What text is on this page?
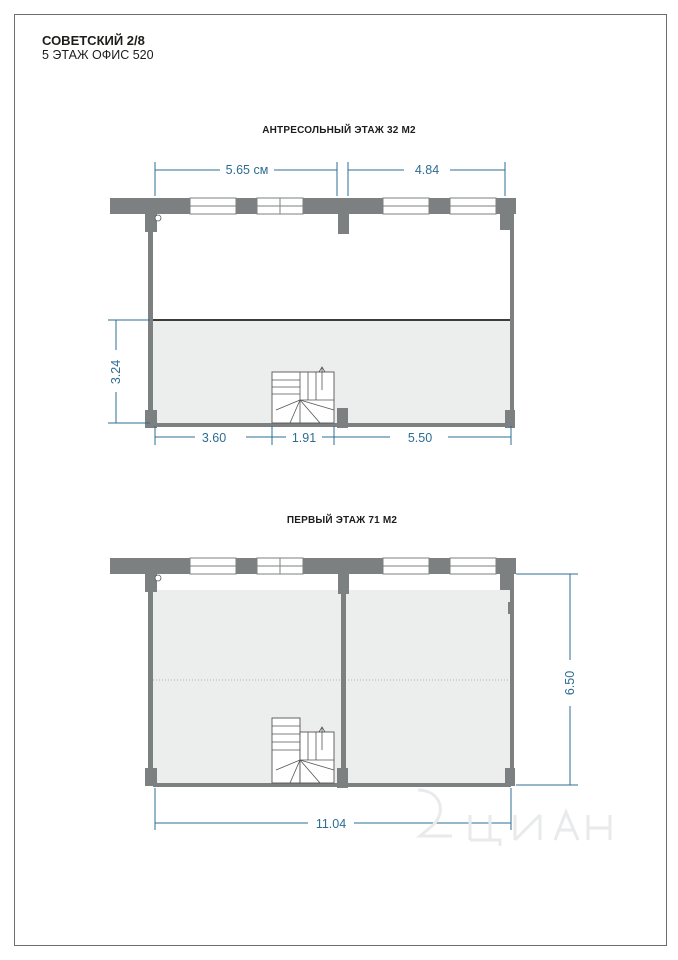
СОВЕТСКИЙ 2/8
5 ЭТАЖ ОФИС 520
АНТРЕСОЛЬНЫЙ ЭТАЖ 32 М2
5.65 см	4.84
3.24
3.60	1.91	5.50
ПЕРВЫЙ ЭТАЖ 71 М2
6.50
11.04
